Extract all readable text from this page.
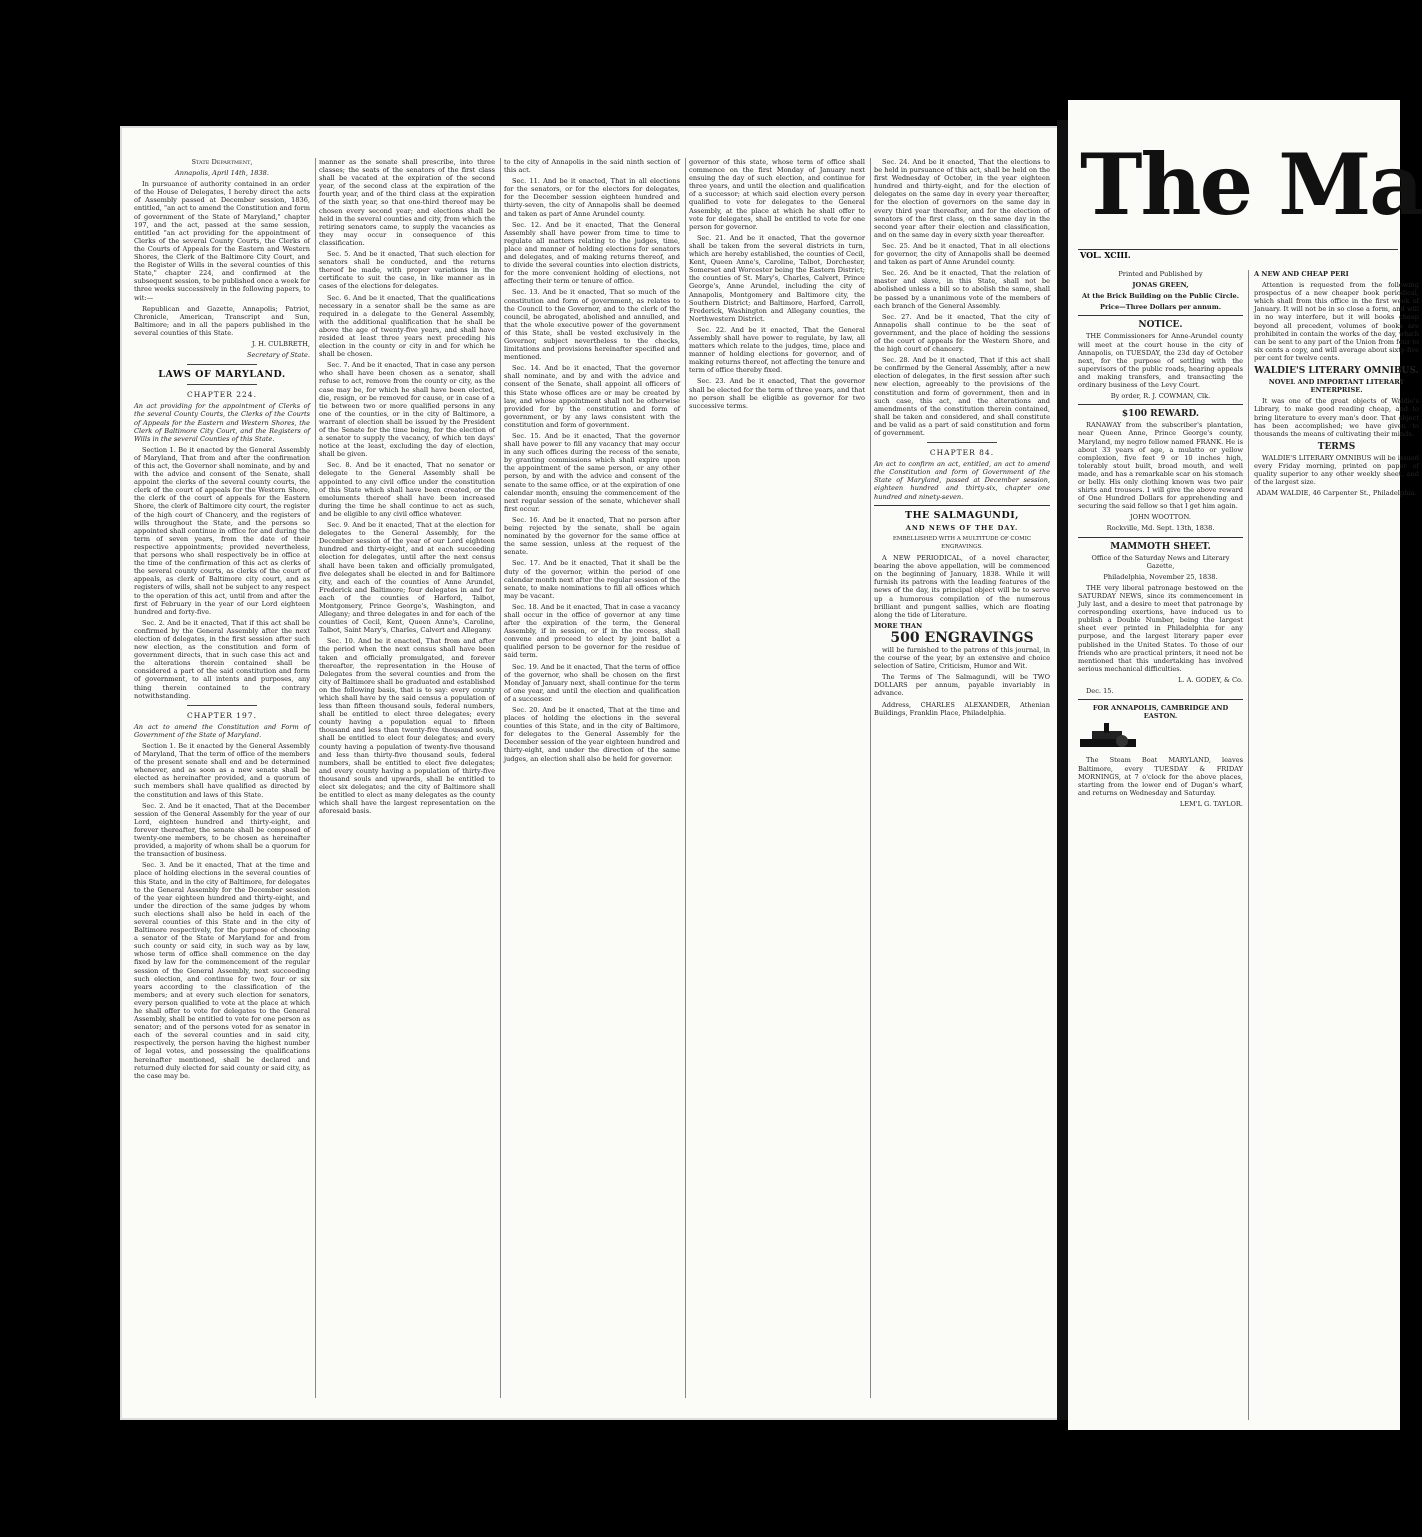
State Department,

Annapolis, April 14th, 1838.

In pursuance of authority contained in an order of the House of Delegates, I hereby direct the acts of Assembly passed at December session, 1836, entitled, "an act to amend the Constitution and form of government of the State of Maryland," chapter 197, and the act, passed at the same session, entitled "an act providing for the appointment of Clerks of the several County Courts, the Clerks of the Courts of Appeals for the Eastern and Western Shores, the Clerk of the Baltimore City Court, and the Register of Wills in the several counties of this State," chapter 224, and confirmed at the subsequent session, to be published once a week for three weeks successively in the following papers, to wit:—

Republican and Gazette, Annapolis; Patriot, Chronicle, American, Transcript and Sun, Baltimore; and in all the papers published in the several counties of this State.

J. H. CULBRETH,

Secretary of State.

LAWS OF MARYLAND.
CHAPTER 224.

An act providing for the appointment of Clerks of the several County Courts, the Clerks of the Courts of Appeals for the Eastern and Western Shores, the Clerk of Baltimore City Court, and the Registers of Wills in the several Counties of this State.

Section 1. Be it enacted by the General Assembly of Maryland, That from and after the confirmation of this act, the Governor shall nominate, and by and with the advice and consent of the Senate, shall appoint the clerks of the several county courts, the clerk of the court of appeals for the Western Shore, the clerk of the court of appeals for the Eastern Shore, the clerk of Baltimore city court, the register of the high court of Chancery, and the registers of wills throughout the State, and the persons so appointed shall continue in office for and during the term of seven years, from the date of their respective appointments; provided nevertheless, that persons who shall respectively be in office at the time of the confirmation of this act as clerks of the several county courts, as clerks of the court of appeals, as clerk of Baltimore city court, and as registers of wills, shall not be subject to any respect to the operation of this act, until from and after the first of February in the year of our Lord eighteen hundred and forty-five.

Sec. 2. And be it enacted, That if this act shall be confirmed by the General Assembly after the next election of delegates, in the first session after such new election, as the constitution and form of government directs, that in such case this act and the alterations therein contained shall be considered a part of the said constitution and form of government, to all intents and purposes, any thing therein contained to the contrary notwithstanding.

CHAPTER 197.

An act to amend the Constitution and Form of Government of the State of Maryland.

Section 1. Be it enacted by the General Assembly of Maryland, That the term of office of the members of the present senate shall end and be determined whenever, and as soon as a new senate shall be elected as hereinafter provided, and a quorum of such members shall have qualified as directed by the constitution and laws of this State.

Sec. 2. And be it enacted, That at the December session of the General Assembly for the year of our Lord, eighteen hundred and thirty-eight, and forever thereafter, the senate shall be composed of twenty-one members, to be chosen as hereinafter provided, a majority of whom shall be a quorum for the transaction of business.

Sec. 3. And be it enacted, That at the time and place of holding elections in the several counties of this State, and in the city of Baltimore, for delegates to the General Assembly for the December session of the year eighteen hundred and thirty-eight, and under the direction of the same judges by whom such elections shall also be held in each of the several counties of this State and in the city of Baltimore respectively, for the purpose of choosing a senator of the State of Maryland for and from such county or said city, in such way as by law, whose term of office shall commence on the day fixed by law for the commencement of the regular session of the General Assembly, next succeeding such election, and continue for two, four or six years according to the classification of the members; and at every such election for senators, every person qualified to vote at the place at which he shall offer to vote for delegates to the General Assembly, shall be entitled to vote for one person as senator; and of the persons voted for as senator in each of the several counties and in said city, respectively, the person having the highest number of legal votes, and possessing the qualifications hereinafter mentioned, shall be declared and returned duly elected for said county or said city, as the case may be.

manner as the senate shall prescribe, into three classes; the seats of the senators of the first class shall be vacated at the expiration of the second year, of the second class at the expiration of the fourth year, and of the third class at the expiration of the sixth year, so that one-third thereof may be chosen every second year; and elections shall be held in the several counties and city, from which the retiring senators came, to supply the vacancies as they may occur in consequence of this classification.

Sec. 5. And be it enacted, That such election for senators shall be conducted, and the returns thereof be made, with proper variations in the certificate to suit the case, in like manner as in cases of the elections for delegates.

Sec. 6. And be it enacted, That the qualifications necessary in a senator shall be the same as are required in a delegate to the General Assembly, with the additional qualification that he shall be above the age of twenty-five years, and shall have resided at least three years next preceding his election in the county or city in and for which he shall be chosen.

Sec. 7. And be it enacted, That in case any person who shall have been chosen as a senator, shall refuse to act, remove from the county or city, as the case may be, for which he shall have been elected, die, resign, or be removed for cause, or in case of a tie between two or more qualified persons in any one of the counties, or in the city of Baltimore, a warrant of election shall be issued by the President of the Senate for the time being, for the election of a senator to supply the vacancy, of which ten days' notice at the least, excluding the day of election, shall be given.

Sec. 8. And be it enacted, That no senator or delegate to the General Assembly shall be appointed to any civil office under the constitution of this State which shall have been created, or the emoluments thereof shall have been increased during the time he shall continue to act as such, and be eligible to any civil office whatever.

Sec. 9. And be it enacted, That at the election for delegates to the General Assembly, for the December session of the year of our Lord eighteen hundred and thirty-eight, and at each succeeding election for delegates, until after the next census shall have been taken and officially promulgated, five delegates shall be elected in and for Baltimore city, and each of the counties of Anne Arundel, Frederick and Baltimore; four delegates in and for each of the counties of Harford, Talbot, Montgomery, Prince George's, Washington, and Allegany; and three delegates in and for each of the counties of Cecil, Kent, Queen Anne's, Caroline, Talbot, Saint Mary's, Charles, Calvert and Allegany.

Sec. 10. And be it enacted, That from and after the period when the next census shall have been taken and officially promulgated, and forever thereafter, the representation in the House of Delegates from the several counties and from the city of Baltimore shall be graduated and established on the following basis, that is to say: every county which shall have by the said census a population of less than fifteen thousand souls, federal numbers, shall be entitled to elect three delegates; every county having a population equal to fifteen thousand and less than twenty-five thousand souls, shall be entitled to elect four delegates; and every county having a population of twenty-five thousand and less than thirty-five thousand souls, federal numbers, shall be entitled to elect five delegates; and every county having a population of thirty-five thousand souls and upwards, shall be entitled to elect six delegates; and the city of Baltimore shall be entitled to elect as many delegates as the county which shall have the largest representation on the aforesaid basis.

to the city of Annapolis in the said ninth section of this act.

Sec. 11. And be it enacted, That in all elections for the senators, or for the electors for delegates, for the December session eighteen hundred and thirty-seven, the city of Annapolis shall be deemed and taken as part of Anne Arundel county.

Sec. 12. And be it enacted, That the General Assembly shall have power from time to time to regulate all matters relating to the judges, time, place and manner of holding elections for senators and delegates, and of making returns thereof, and to divide the several counties into election districts, for the more convenient holding of elections, not affecting their term or tenure of office.

Sec. 13. And be it enacted, That so much of the constitution and form of government, as relates to the Council to the Governor, and to the clerk of the council, be abrogated, abolished and annulled, and that the whole executive power of the government of this State, shall be vested exclusively in the Governor, subject nevertheless to the checks, limitations and provisions hereinafter specified and mentioned.

Sec. 14. And be it enacted, That the governor shall nominate, and by and with the advice and consent of the Senate, shall appoint all officers of this State whose offices are or may be created by law, and whose appointment shall not be otherwise provided for by the constitution and form of government, or by any laws consistent with the constitution and form of government.

Sec. 15. And be it enacted, That the governor shall have power to fill any vacancy that may occur in any such offices during the recess of the senate, by granting commissions which shall expire upon the appointment of the same person, or any other person, by and with the advice and consent of the senate to the same office, or at the expiration of one calendar month, ensuing the commencement of the next regular session of the senate, whichever shall first occur.

Sec. 16. And be it enacted, That no person after being rejected by the senate, shall be again nominated by the governor for the same office at the same session, unless at the request of the senate.

Sec. 17. And be it enacted, That it shall be the duty of the governor, within the period of one calendar month next after the regular session of the senate, to make nominations to fill all offices which may be vacant.

Sec. 18. And be it enacted, That in case a vacancy shall occur in the office of governor at any time after the expiration of the term, the General Assembly, if in session, or if in the recess, shall convene and proceed to elect by joint ballot a qualified person to be governor for the residue of said term.

Sec. 19. And be it enacted, That the term of office of the governor, who shall be chosen on the first Monday of January next, shall continue for the term of one year, and until the election and qualification of a successor.

Sec. 20. And be it enacted, That at the time and places of holding the elections in the several counties of this State, and in the city of Baltimore, for delegates to the General Assembly for the December session of the year eighteen hundred and thirty-eight, and under the direction of the same judges, an election shall also be held for governor.

governor of this state, whose term of office shall commence on the first Monday of January next ensuing the day of such election, and continue for three years, and until the election and qualification of a successor; at which said election every person qualified to vote for delegates to the General Assembly, at the place at which he shall offer to vote for delegates, shall be entitled to vote for one person for governor.

Sec. 21. And be it enacted, That the governor shall be taken from the several districts in turn, which are hereby established, the counties of Cecil, Kent, Queen Anne's, Caroline, Talbot, Dorchester, Somerset and Worcester being the Eastern District; the counties of St. Mary's, Charles, Calvert, Prince George's, Anne Arundel, including the city of Annapolis, Montgomery and Baltimore city, the Southern District; and Baltimore, Harford, Carroll, Frederick, Washington and Allegany counties, the Northwestern District.

Sec. 22. And be it enacted, That the General Assembly shall have power to regulate, by law, all matters which relate to the judges, time, place and manner of holding elections for governor, and of making returns thereof, not affecting the tenure and term of office thereby fixed.

Sec. 23. And be it enacted, That the governor shall be elected for the term of three years, and that no person shall be eligible as governor for two successive terms.

Sec. 24. And be it enacted, That the elections to be held in pursuance of this act, shall be held on the first Wednesday of October, in the year eighteen hundred and thirty-eight, and for the election of delegates on the same day in every year thereafter, for the election of governors on the same day in every third year thereafter, and for the election of senators of the first class, on the same day in the second year after their election and classification, and on the same day in every sixth year thereafter.

Sec. 25. And be it enacted, That in all elections for governor, the city of Annapolis shall be deemed and taken as part of Anne Arundel county.

Sec. 26. And be it enacted, That the relation of master and slave, in this State, shall not be abolished unless a bill so to abolish the same, shall be passed by a unanimous vote of the members of each branch of the General Assembly.

Sec. 27. And be it enacted, That the city of Annapolis shall continue to be the seat of government, and the place of holding the sessions of the court of appeals for the Western Shore, and the high court of chancery.

Sec. 28. And be it enacted, That if this act shall be confirmed by the General Assembly, after a new election of delegates, in the first session after such new election, agreeably to the provisions of the constitution and form of government, then and in such case, this act, and the alterations and amendments of the constitution therein contained, shall be taken and considered, and shall constitute and be valid as a part of said constitution and form of government.

CHAPTER 84.

An act to confirm an act, entitled, an act to amend the Constitution and form of Government of the State of Maryland, passed at December session, eighteen hundred and thirty-six, chapter one hundred and ninety-seven.

THE SALMAGUNDI,

AND NEWS OF THE DAY.

EMBELLISHED WITH A MULTITUDE OF COMIC ENGRAVINGS.

A NEW PERIODICAL, of a novel character, bearing the above appellation, will be commenced on the beginning of January, 1838. While it will furnish its patrons with the leading features of the news of the day, its principal object will be to serve up a humorous compilation of the numerous brilliant and pungent sallies, which are floating along the tide of Literature.

MORE THAN

500 ENGRAVINGS

will be furnished to the patrons of this journal, in the course of the year, by an extensive and choice selection of Satire, Criticism, Humor and Wit.

The Terms of The Salmagundi, will be TWO DOLLARS per annum, payable invariably in advance.

Address, CHARLES ALEXANDER, Athenian Buildings, Franklin Place, Philadelphia.

The Ma
VOL. XCIII.

Printed and Published by

JONAS GREEN,

At the Brick Building on the Public Circle.

Price—Three Dollars per annum.

NOTICE.

THE Commissioners for Anne-Arundel county will meet at the court house in the city of Annapolis, on TUESDAY, the 23d day of October next, for the purpose of settling with the supervisors of the public roads, hearing appeals and making transfers, and transacting the ordinary business of the Levy Court.

By order, R. J. COWMAN, Clk.

$100 REWARD.

RANAWAY from the subscriber's plantation, near Queen Anne, Prince George's county, Maryland, my negro fellow named FRANK. He is about 33 years of age, a mulatto or yellow complexion, five feet 9 or 10 inches high, tolerably stout built, broad mouth, and well made, and has a remarkable scar on his stomach or belly. His only clothing known was two pair shirts and trousers. I will give the above reward of One Hundred Dollars for apprehending and securing the said fellow so that I get him again.

JOHN WOOTTON.

Rockville, Md. Sept. 13th, 1838.

MAMMOTH SHEET.

Office of the Saturday News and Literary Gazette,

Philadelphia, November 25, 1838.

THE very liberal patronage bestowed on the SATURDAY NEWS, since its commencement in July last, and a desire to meet that patronage by corresponding exertions, have induced us to publish a Double Number, being the largest sheet ever printed in Philadelphia for any purpose, and the largest literary paper ever published in the United States. To those of our friends who are practical printers, it need not be mentioned that this undertaking has involved serious mechanical difficulties.

L. A. GODEY, & Co.

Dec. 15.

FOR ANNAPOLIS, CAMBRIDGE AND EASTON.

The Steam Boat MARYLAND, leaves Baltimore, every TUESDAY & FRIDAY MORNINGS, at 7 o'clock for the above places, starting from the lower end of Dugan's wharf, and returns on Wednesday and Saturday.

LEM'L G. TAYLOR.

A NEW AND CHEAP PERI

Attention is requested from the following prospectus of a new cheaper book periodical, which shall from this office in the first week of January. It will not be in so close a form, and will in no way interfere, but it will books cheap beyond all precedent, volumes of books are prohibited in contain the works of the day, which can be sent to any part of the Union from four to six cents a copy, and will average about sixty-five per cent for twelve cents.

WALDIE'S LITERARY OMNIBUS.

NOVEL AND IMPORTANT LITERARY ENTERPRISE.

It was one of the great objects of Waldie's Library, to make good reading cheap, and to bring literature to every man's door. That object has been accomplished; we have given to thousands the means of cultivating their minds.

TERMS

WALDIE'S LITERARY OMNIBUS will be issued every Friday morning, printed on paper of quality superior to any other weekly sheet, and of the largest size.

ADAM WALDIE, 46 Carpenter St., Philadelphia.
